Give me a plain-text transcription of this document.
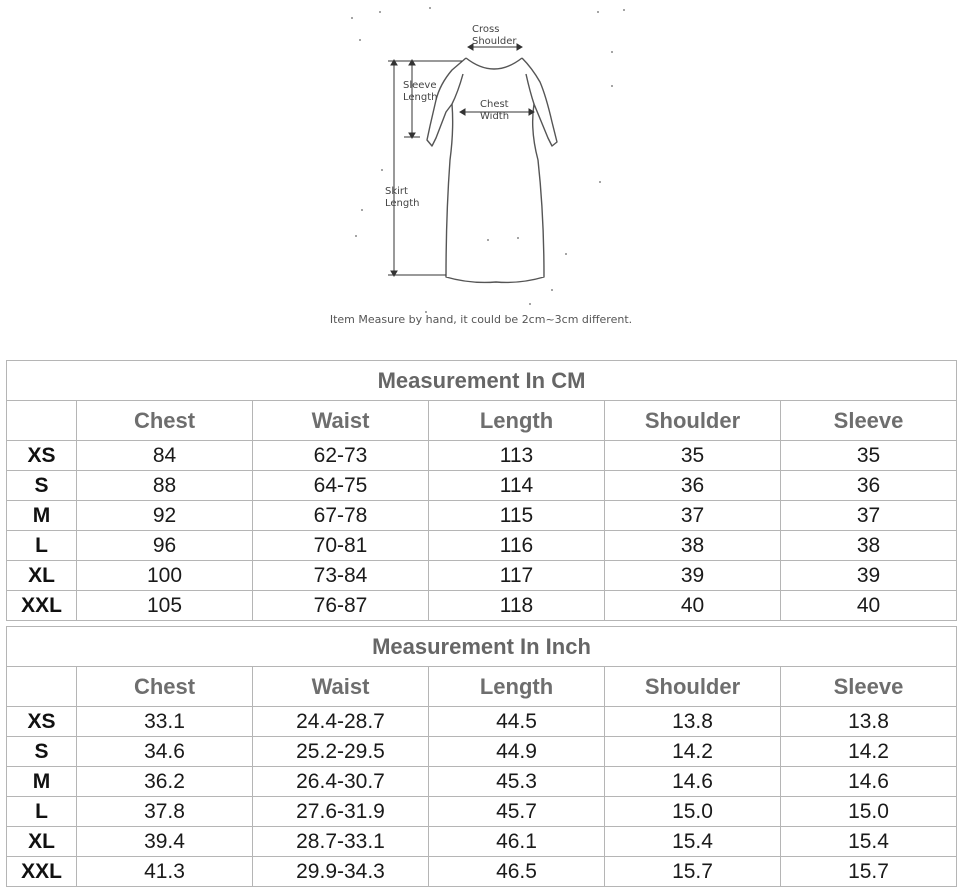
Cross
Shoulder
Sleeve
Length
Chest
Width
Skirt
Length
Item Measure by hand, it could be 2cm~3cm different.
Measurement In CM					
	Chest	Waist	Length	Shoulder	Sleeve
XS	84	62-73	113	35	35
S	88	64-75	114	36	36
M	92	67-78	115	37	37
L	96	70-81	116	38	38
XL	100	73-84	117	39	39
XXL	105	76-87	118	40	40
Measurement In Inch					
	Chest	Waist	Length	Shoulder	Sleeve
XS	33.1	24.4-28.7	44.5	13.8	13.8
S	34.6	25.2-29.5	44.9	14.2	14.2
M	36.2	26.4-30.7	45.3	14.6	14.6
L	37.8	27.6-31.9	45.7	15.0	15.0
XL	39.4	28.7-33.1	46.1	15.4	15.4
XXL	41.3	29.9-34.3	46.5	15.7	15.7
